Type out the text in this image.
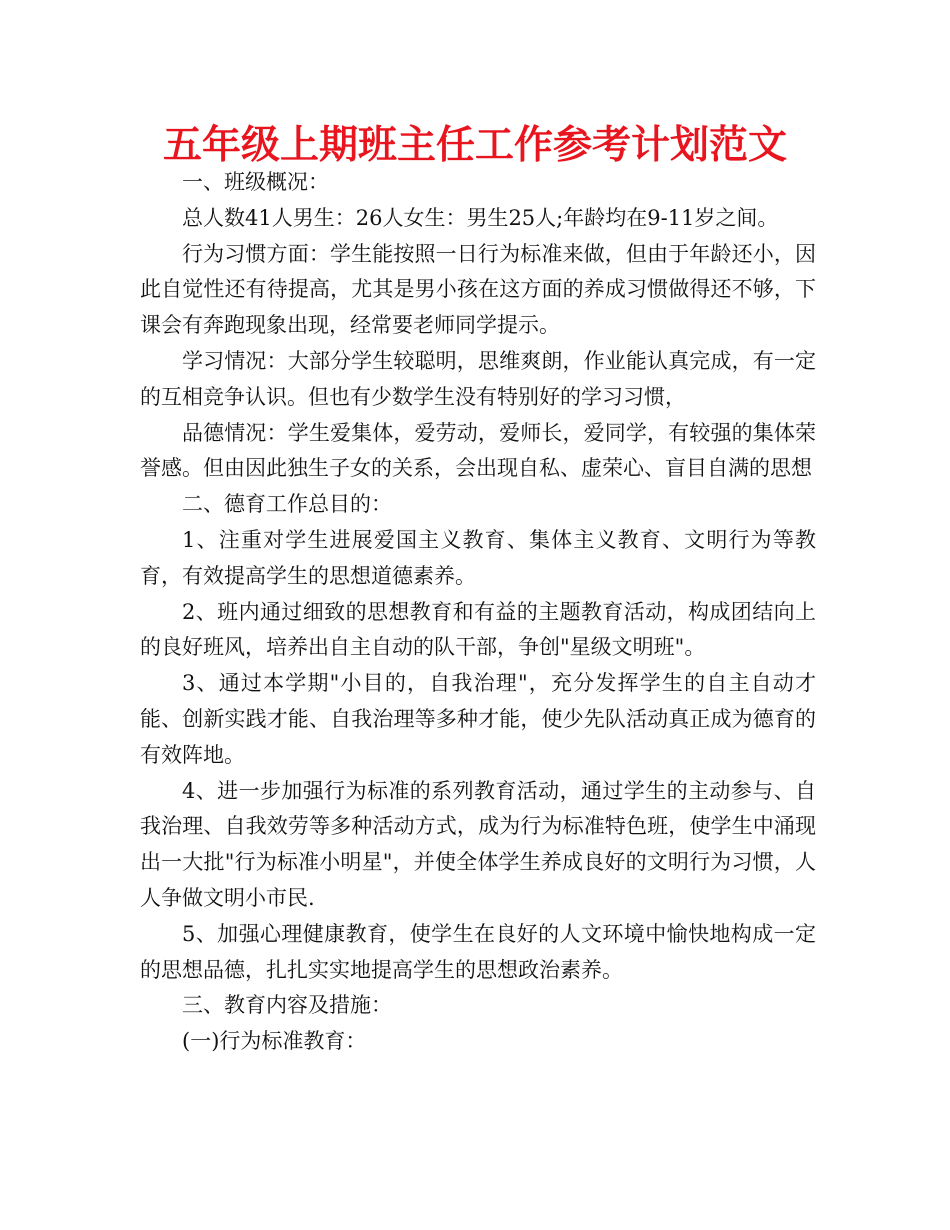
五年级上期班主任工作参考计划范文

一、班级概况：

总人数41人男生：26人女生：男生25人;年龄均在9-11岁之间。

行为习惯方面：学生能按照一日行为标准来做，但由于年龄还小，因此自觉性还有待提高，尤其是男小孩在这方面的养成习惯做得还不够，下课会有奔跑现象出现，经常要老师同学提示。

学习情况：大部分学生较聪明，思维爽朗，作业能认真完成，有一定的互相竞争认识。但也有少数学生没有特别好的学习习惯，

品德情况：学生爱集体，爱劳动，爱师长，爱同学，有较强的集体荣誉感。但由因此独生子女的关系，会出现自私、虚荣心、盲目自满的思想

二、德育工作总目的：

1、注重对学生进展爱国主义教育、集体主义教育、文明行为等教育，有效提高学生的思想道德素养。

2、班内通过细致的思想教育和有益的主题教育活动，构成团结向上的良好班风，培养出自主自动的队干部，争创"星级文明班"。

3、通过本学期"小目的，自我治理"，充分发挥学生的自主自动才能、创新实践才能、自我治理等多种才能，使少先队活动真正成为德育的有效阵地。

4、进一步加强行为标准的系列教育活动，通过学生的主动参与、自我治理、自我效劳等多种活动方式，成为行为标准特色班，使学生中涌现出一大批"行为标准小明星"，并使全体学生养成良好的文明行为习惯，人人争做文明小市民.

5、加强心理健康教育，使学生在良好的人文环境中愉快地构成一定的思想品德，扎扎实实地提高学生的思想政治素养。

三、教育内容及措施：

(一)行为标准教育：
